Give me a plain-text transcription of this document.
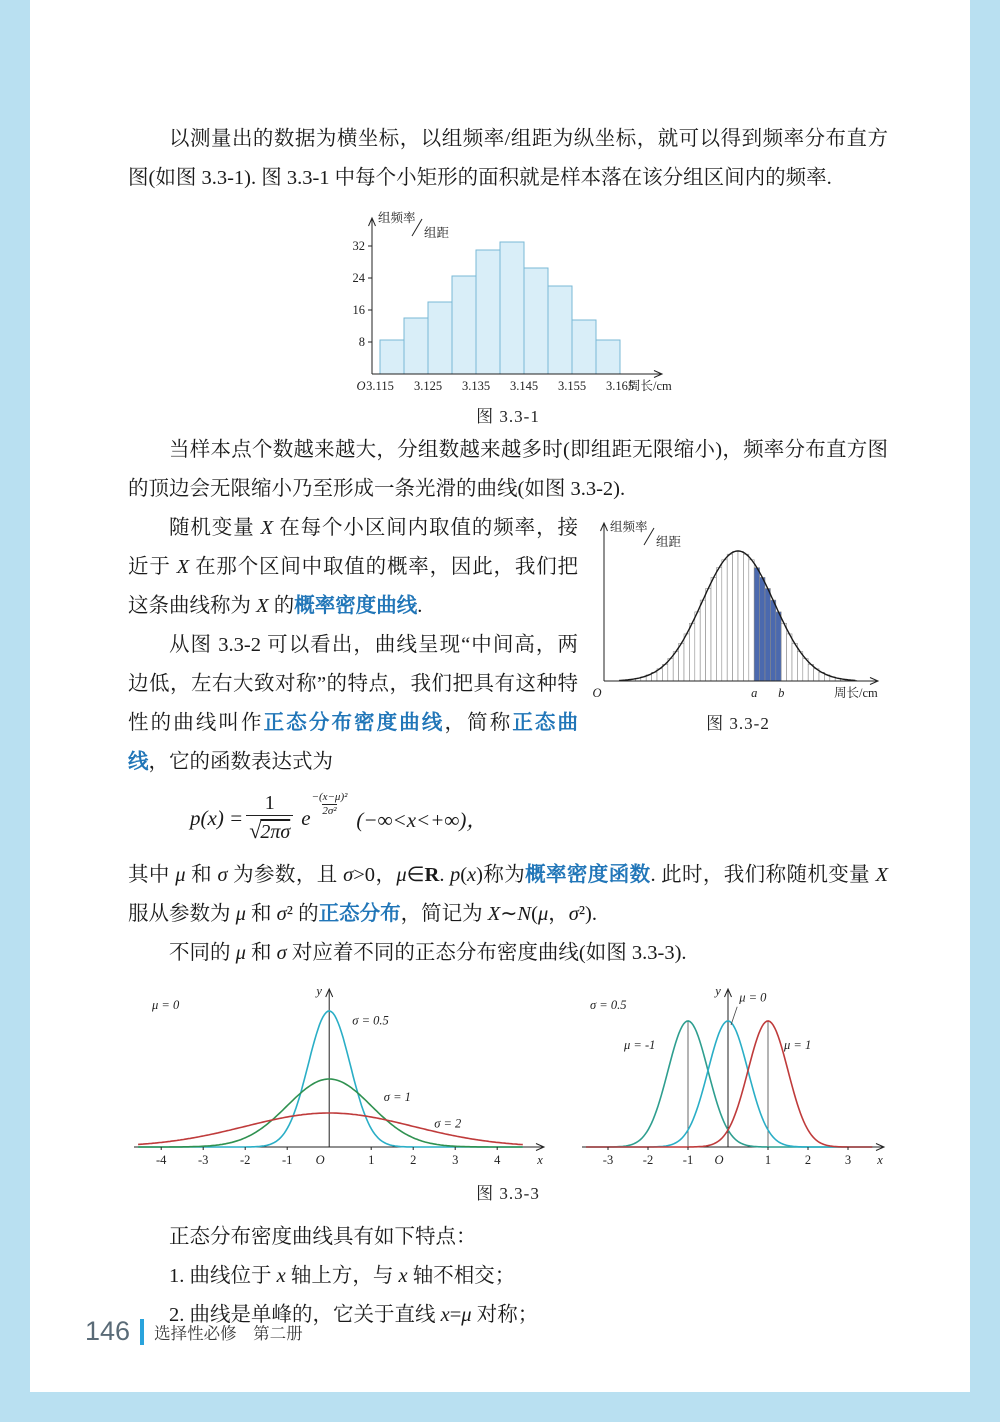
以测量出的数据为横坐标，以组频率/组距为纵坐标，就可以得到频率分布直方图(如图 3.3-1). 图 3.3-1 中每个小矩形的面积就是样本落在该分组区间内的频率.

8
16
24
32
3.115 3.125 3.135 3.145 3.155 3.165
O	周长/cm
组频率
组距
图 3.3-1

当样本点个数越来越大，分组数越来越多时(即组距无限缩小)，频率分布直方图的顶边会无限缩小乃至形成一条光滑的曲线(如图 3.3-2).

O	a b	周长/cm
组频率
组距
图 3.3-2

随机变量 X 在每个小区间内取值的频率，接近于 X 在那个区间中取值的概率，因此，我们把这条曲线称为 X 的概率密度曲线.

从图 3.3-2 可以看出，曲线呈现“中间高，两边低，左右大致对称”的特点，我们把具有这种特性的曲线叫作正态分布密度曲线，简称正态曲线，它的函数表达式为

$p(x) = \frac{1}{√2\pi\sigma}$ e $\frac{\text{−(x−μ)²}}{\text{2σ²}}$
(−∞<x<+∞)，

其中 μ 和 σ 为参数，且 σ>0，μ∈R. p(x)称为概率密度函数. 此时，我们称随机变量 X 服从参数为 μ 和 σ² 的正态分布，简记为 X∼N(μ，σ²).

不同的 μ 和 σ 对应着不同的正态分布密度曲线(如图 3.3-3).

σ = 0.5
σ = 1
σ = 2
-4	-3	-2	-1	1	2	3	4
O	x
y
μ = 0
μ = -1
μ = 0
μ = 1
-3 -2 -1	1	2	3
O	x
y
σ = 0.5
图 3.3-3

正态分布密度曲线具有如下特点：

1. 曲线位于 x 轴上方，与 x 轴不相交；

2. 曲线是单峰的，它关于直线 x=μ 对称；

146 选择性必修　第二册
